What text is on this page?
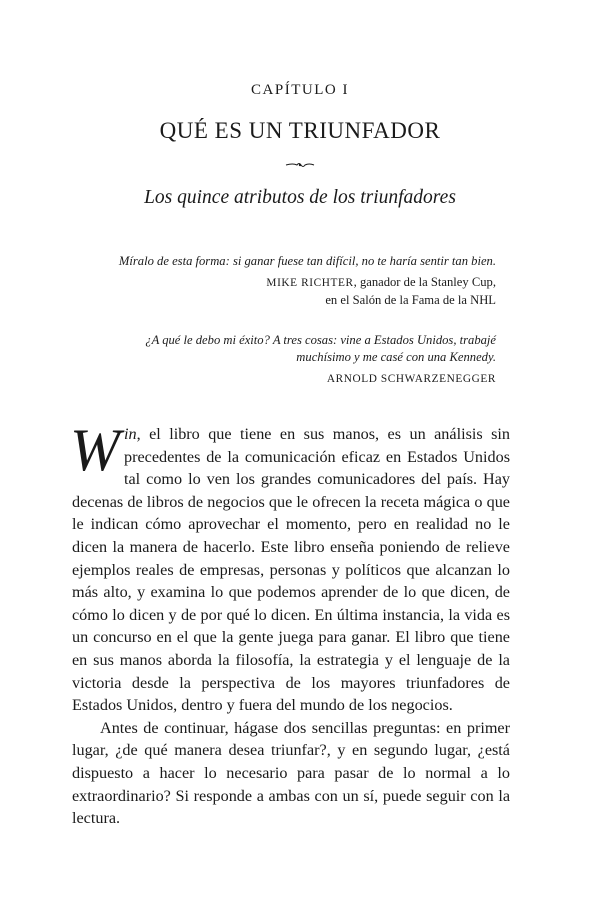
CAPÍTULO I
QUÉ ES UN TRIUNFADOR
Los quince atributos de los triunfadores
Míralo de esta forma: si ganar fuese tan difícil, no te haría sentir tan bien.
MIKE RICHTER, ganador de la Stanley Cup,
en el Salón de la Fama de la NHL
¿A qué le debo mi éxito? A tres cosas: vine a Estados Unidos, trabajé
muchísimo y me casé con una Kennedy.
ARNOLD SCHWARZENEGGER

Win, el libro que tiene en sus manos, es un análisis sin precedentes de la comunicación eficaz en Estados Unidos tal como lo ven los grandes comunicadores del país. Hay decenas de libros de negocios que le ofrecen la receta mágica o que le indican cómo aprovechar el momento, pero en realidad no le dicen la manera de hacerlo. Este libro enseña poniendo de relieve ejemplos reales de empresas, personas y políticos que alcanzan lo más alto, y examina lo que podemos aprender de lo que dicen, de cómo lo dicen y de por qué lo dicen. En última instancia, la vida es un concurso en el que la gente juega para ganar. El libro que tiene en sus manos aborda la filosofía, la estrategia y el lenguaje de la victoria desde la perspectiva de los mayores triunfadores de Estados Unidos, dentro y fuera del mundo de los negocios.

Antes de continuar, hágase dos sencillas preguntas: en primer lugar, ¿de qué manera desea triunfar?, y en segundo lugar, ¿está dispuesto a hacer lo necesario para pasar de lo normal a lo extraordinario? Si responde a ambas con un sí, puede seguir con la lectura.
